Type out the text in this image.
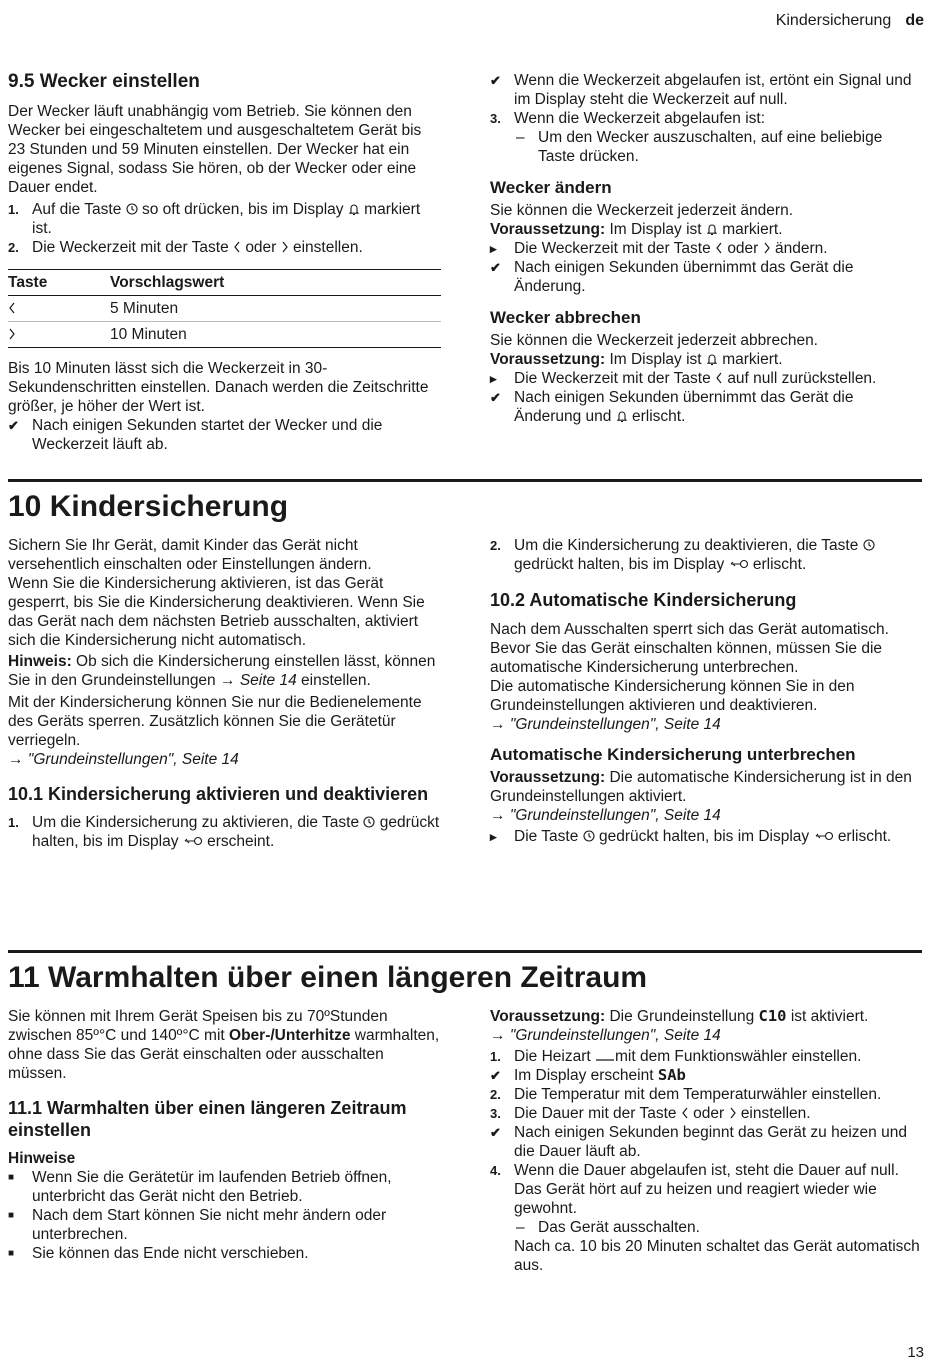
Kindersicherung de

9.5 Wecker einstellen

Der Wecker läuft unabhängig vom Betrieb. Sie können den Wecker bei eingeschaltetem und ausgeschaltetem Gerät bis 23 Stunden und 59 Minuten einstellen. Der Wecker hat ein eigenes Signal, sodass Sie hören, ob der Wecker oder eine Dauer endet.

1. Auf die Taste so oft drücken, bis im Display markiert ist.
2. Die Weckerzeit mit der Taste oder einstellen.
Taste	Vorschlagswert
	5 Minuten
	10 Minuten

Bis 10 Minuten lässt sich die Weckerzeit in 30-Sekundenschritten einstellen. Danach werden die Zeitschritte größer, je höher der Wert ist.

✔ Nach einigen Sekunden startet der Wecker und die Weckerzeit läuft ab.
✔ Wenn die Weckerzeit abgelaufen ist, ertönt ein Signal und im Display steht die Weckerzeit auf null.
3. Wenn die Weckerzeit abgelaufen ist:
– Um den Wecker auszuschalten, auf eine beliebige Taste drücken.

Wecker ändern

Sie können die Weckerzeit jederzeit ändern.

Voraussetzung: Im Display ist markiert.

▸	Die Weckerzeit mit der Taste oder ändern.
✔ Nach einigen Sekunden übernimmt das Gerät die Änderung.

Wecker abbrechen

Sie können die Weckerzeit jederzeit abbrechen.

Voraussetzung: Im Display ist markiert.

▸	Die Weckerzeit mit der Taste auf null zurückstellen.
✔ Nach einigen Sekunden übernimmt das Gerät die Änderung und erlischt.
10 Kindersicherung

Sichern Sie Ihr Gerät, damit Kinder das Gerät nicht versehentlich einschalten oder Einstellungen ändern.

Wenn Sie die Kindersicherung aktivieren, ist das Gerät gesperrt, bis Sie die Kindersicherung deaktivieren. Wenn Sie das Gerät nach dem nächsten Betrieb ausschalten, aktiviert sich die Kindersicherung nicht automatisch.

Hinweis: Ob sich die Kindersicherung einstellen lässt, können Sie in den Grundeinstellungen → Seite 14 einstellen.

Mit der Kindersicherung können Sie nur die Bedienelemente des Geräts sperren. Zusätzlich können Sie die Gerätetür verriegeln.

→ "Grundeinstellungen", Seite 14

10.1 Kindersicherung aktivieren und deaktivieren

1. Um die Kindersicherung zu aktivieren, die Taste gedrückt halten, bis im Display erscheint.
2. Um die Kindersicherung zu deaktivieren, die Taste  gedrückt halten, bis im Display erlischt.

10.2 Automatische Kindersicherung

Nach dem Ausschalten sperrt sich das Gerät automatisch. Bevor Sie das Gerät einschalten können, müssen Sie die automatische Kindersicherung unterbrechen.

Die automatische Kindersicherung können Sie in den Grundeinstellungen aktivieren und deaktivieren.

→ "Grundeinstellungen", Seite 14

Automatische Kindersicherung unterbrechen

Voraussetzung: Die automatische Kindersicherung ist in den Grundeinstellungen aktiviert.

→ "Grundeinstellungen", Seite 14

▸	Die Taste gedrückt halten, bis im Display erlischt.
11 Warmhalten über einen längeren Zeitraum

Sie können mit Ihrem Gerät Speisen bis zu 70ºStunden zwischen 85º°C und 140º°C mit Ober-/Unterhitze warmhalten, ohne dass Sie das Gerät einschalten oder ausschalten müssen.

11.1 Warmhalten über einen längeren Zeitraum einstellen

Hinweise

■	Wenn Sie die Gerätetür im laufenden Betrieb öffnen, unterbricht das Gerät nicht den Betrieb.
■	Nach dem Start können Sie nicht mehr ändern oder unterbrechen.
■	Sie können das Ende nicht verschieben.

Voraussetzung: Die Grundeinstellung C10 ist aktiviert.

→ "Grundeinstellungen", Seite 14

1. Die Heizart mit dem Funktionswähler einstellen.
✔ Im Display erscheint SAb
2. Die Temperatur mit dem Temperaturwähler einstellen.
3. Die Dauer mit der Taste oder einstellen.
✔ Nach einigen Sekunden beginnt das Gerät zu heizen und die Dauer läuft ab.
4. Wenn die Dauer abgelaufen ist, steht die Dauer auf null. Das Gerät hört auf zu heizen und reagiert wieder wie gewohnt.
– Das Gerät ausschalten.

Nach ca. 10 bis 20 Minuten schaltet das Gerät automatisch aus.

13
